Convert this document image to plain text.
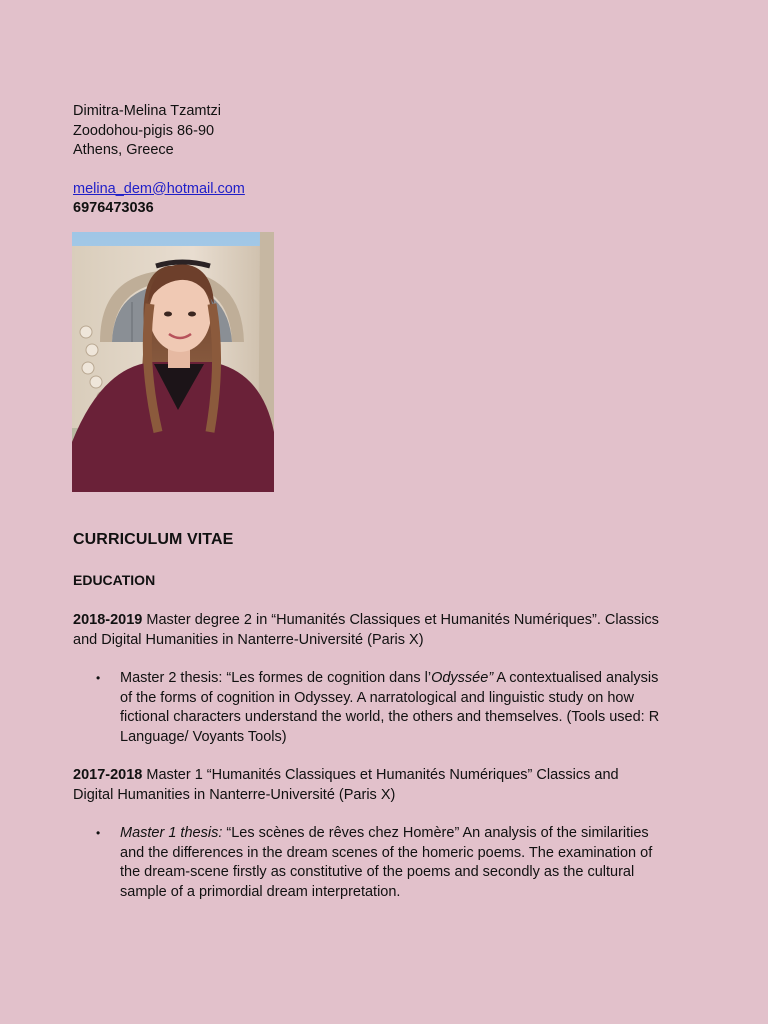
Dimitra-Melina Tzamtzi
Zoodohou-pigis 86-90
Athens, Greece
melina_dem@hotmail.com
6976473036
CURRICULUM VITAE
EDUCATION
2018-2019 Master degree 2 in “Humanités Classiques et Humanités Numériques”. Classics
and Digital Humanities in Nanterre-Université (Paris X)
• Master 2 thesis: “Les formes de cognition dans l’Odyssée” A contextualised analysis
of the forms of cognition in Odyssey. A narratological and linguistic study on how
fictional characters understand the world, the others and themselves. (Tools used: R
Language/ Voyants Tools)
2017-2018 Master 1 “Humanités Classiques et Humanités Numériques” Classics and
Digital Humanities in Nanterre-Université (Paris X)
• Master 1 thesis: “Les scènes de rêves chez Homère” An analysis of the similarities
and the differences in the dream scenes of the homeric poems. The examination of
the dream-scene firstly as constitutive of the poems and secondly as the cultural
sample of a primordial dream interpretation.
